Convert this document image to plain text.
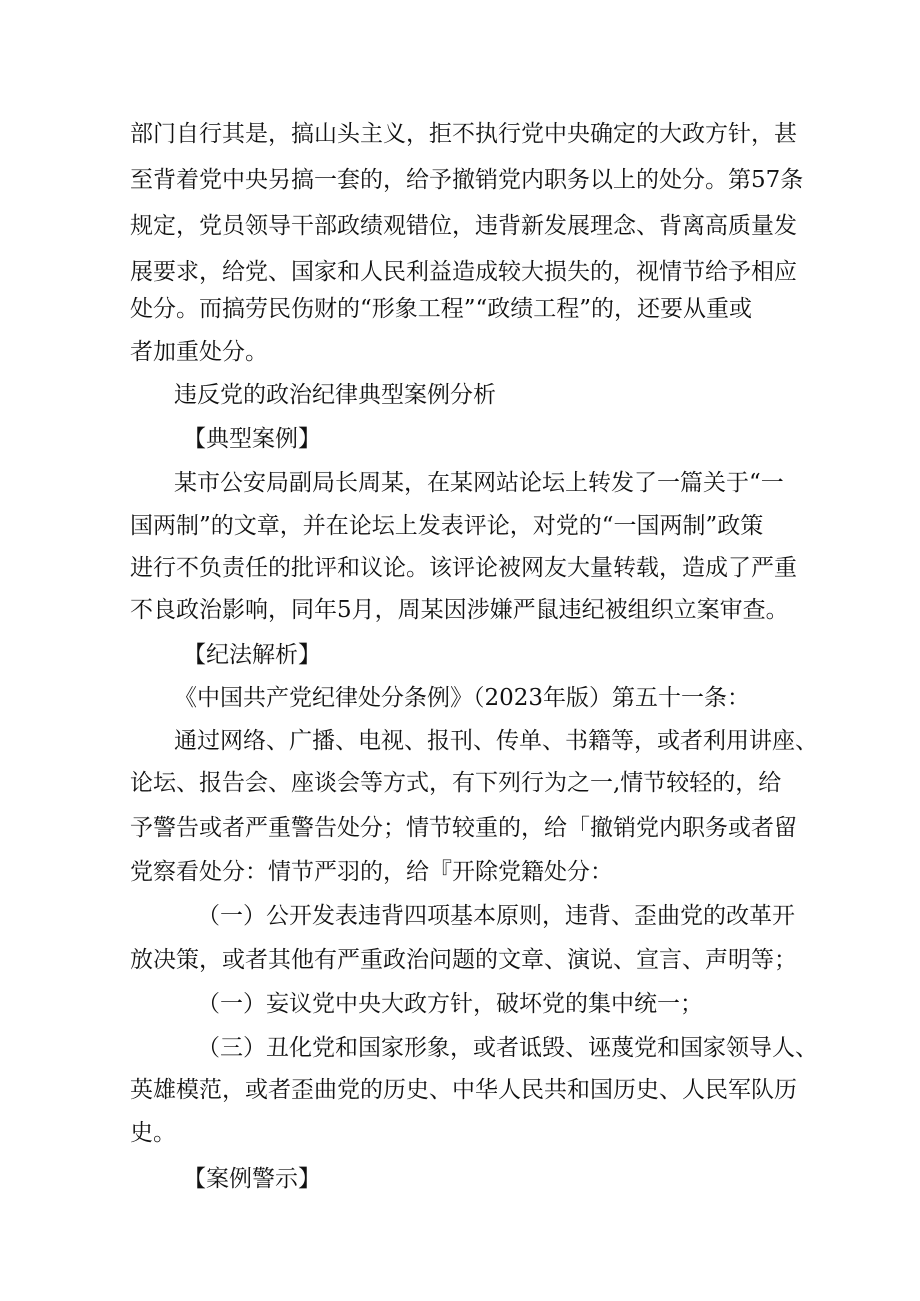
部门自行其是，搞山头主义，拒不执行党中央确定的大政方针，甚
至背着党中央另搞一套的，给予撤销党内职务以上的处分。第57条
规定，党员领导干部政绩观错位，违背新发展理念、背离高质量发
展要求，给党、国家和人民利益造成较大损失的，视情节给予相应
处分。而搞劳民伤财的“形象工程”“政绩工程”的，还要从重或
者加重处分。
违反党的政治纪律典型案例分析
【典型案例】
某市公安局副局长周某，在某网站论坛上转发了一篇关于“一
国两制”的文章，并在论坛上发表评论，对党的“一国两制”政策
进行不负责任的批评和议论。该评论被网友大量转载，造成了严重
不良政治影响，同年5月，周某因涉嫌严鼠违纪被组织立案审查。
【纪法解析】
《中国共产党纪律处分条例》（2023年版）第五十一条：
通过网络、广播、电视、报刊、传单、书籍等，或者利用讲座、
论坛、报告会、座谈会等方式，有下列行为之一,情节较轻的，给
予警告或者严重警告处分；情节较重的，给「撤销党内职务或者留
党察看处分：情节严羽的，给『开除党籍处分：
（一）公开发表违背四项基本原则，违背、歪曲党的改革开
放决策，或者其他有严重政治问题的文章、演说、宣言、声明等；
（一）妄议党中央大政方针，破坏党的集中统一；
（三）丑化党和国家形象，或者诋毁、诬蔑党和国家领导人、
英雄模范，或者歪曲党的历史、中华人民共和国历史、人民军队历
史。
【案例警示】
